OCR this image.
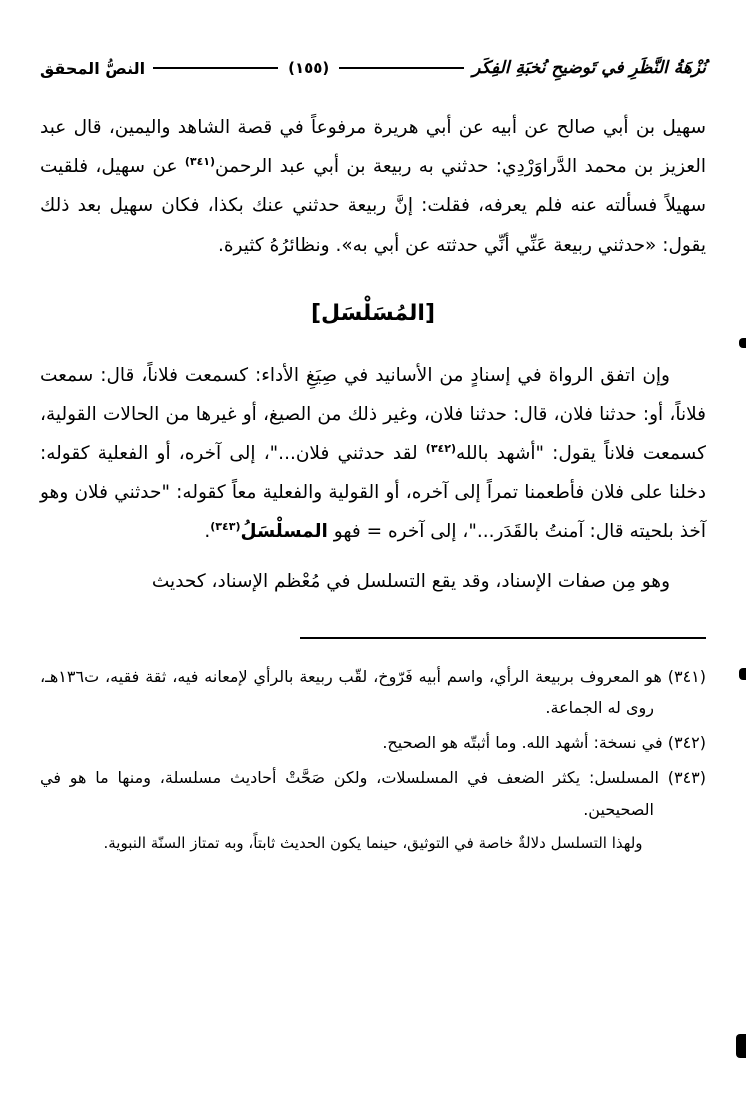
نُزْهَةُ النَّظَرِ في تَوضيحِ نُخبَةِ الفِكَر
(١٥٥)
النصُّ المحقق

سهيل بن أبي صالح عن أبيه عن أبي هريرة مرفوعاً في قصة الشاهد واليمين، قال عبد العزيز بن محمد الدَّراوَرْدِي: حدثني به ربيعة بن أبي عبد الرحمن$^{(٣٤١)}$ عن سهيل، فلقيت سهيلاً فسألته عنه فلم يعرفه، فقلت: إنَّ ربيعة حدثني عنك بكذا، فكان سهيل بعد ذلك يقول: «حدثني ربيعة عَنِّي أنِّي حدثته عن أبي به». ونظائرُهُ كثيرة.

[المُسَلْسَل]

وإن اتفق الرواة في إسنادٍ من الأسانيد في صِيَغِ الأداء: كسمعت فلاناً، قال: سمعت فلاناً، أو: حدثنا فلان، قال: حدثنا فلان، وغير ذلك من الصيغ، أو غيرها من الحالات القولية، كسمعت فلاناً يقول: "أشهد بالله$^{(٣٤٢)}$ لقد حدثني فلان..."، إلى آخره، أو الفعلية كقوله: دخلنا على فلان فأطعمنا تمراً إلى آخره، أو القولية والفعلية معاً كقوله: "حدثني فلان وهو آخذ بلحيته قال: آمنتُ بالقَدَر..."، إلى آخره = فهو المسلْسَلُ$^{(٣٤٣)}$.

وهو مِن صفات الإسناد، وقد يقع التسلسل في مُعْظم الإسناد، كحديث

(٣٤١) هو المعروف بربيعة الرأي، واسم أبيه فَرّوخ، لقّب ربيعة بالرأي لإمعانه فيه، ثقة فقيه، ت١٣٦هـ، روى له الجماعة.

(٣٤٢) في نسخة: أشهد الله. وما أثبتّه هو الصحيح.

(٣٤٣) المسلسل: يكثر الضعف في المسلسلات، ولكن صَحَّتْ أحاديث مسلسلة، ومنها ما هو في الصحيحين.

ولهذا التسلسل دلالةٌ خاصة في التوثيق، حينما يكون الحديث ثابتاً، وبه تمتاز السنّة النبوية.
